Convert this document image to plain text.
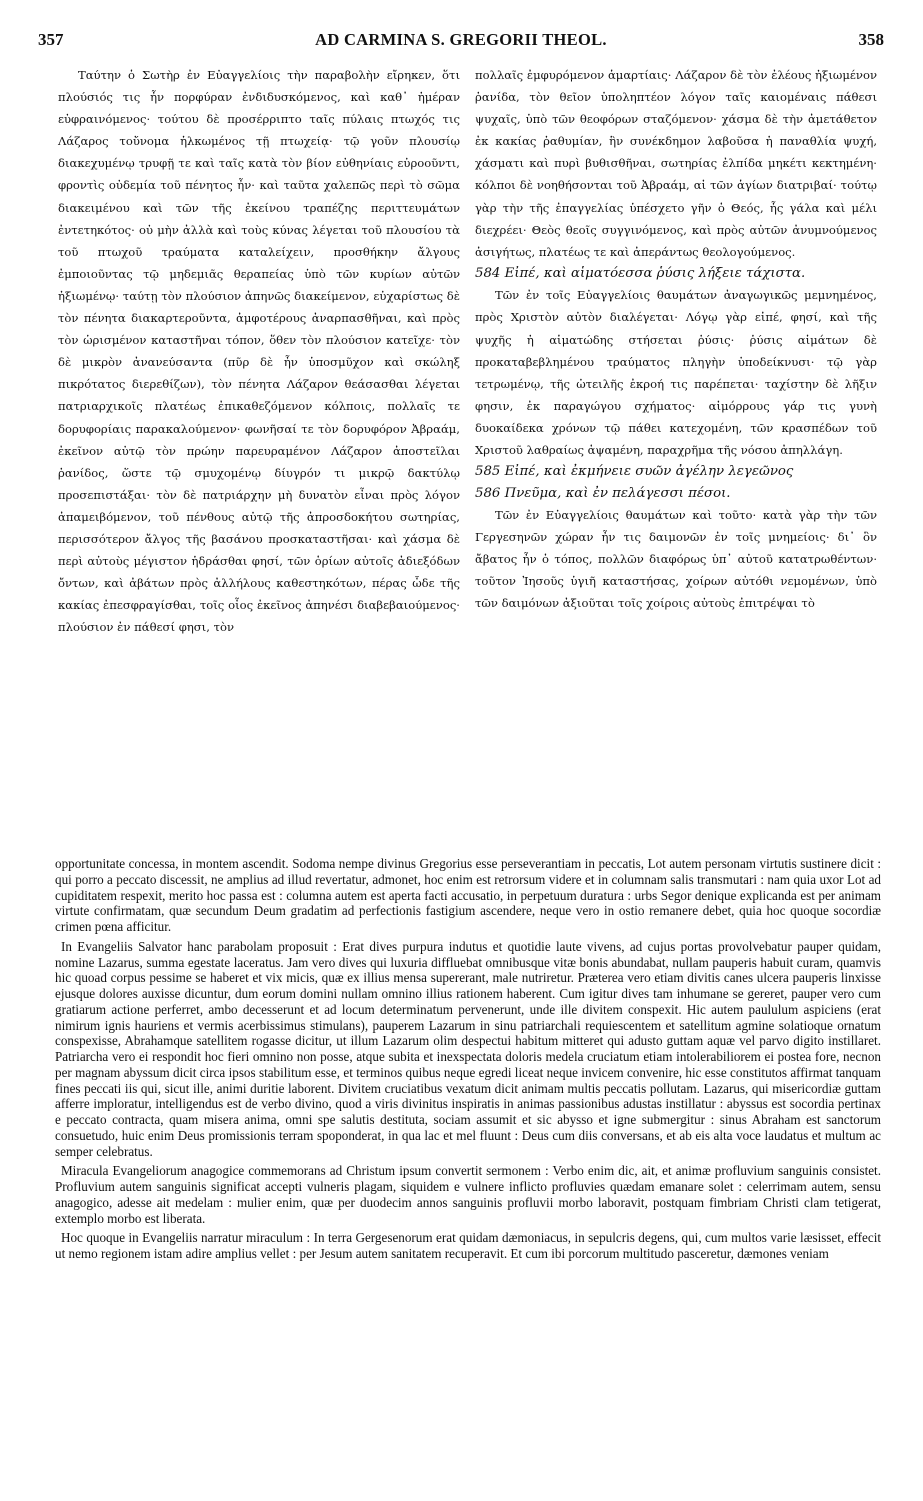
357	AD CARMINA S. GREGORII THEOL.	358

Ταύτην ὁ Σωτὴρ ἐν Εὐαγγελίοις τὴν παραβολὴν εἴρηκεν, ὅτι πλούσιός τις ἦν πορφύραν ἐνδιδυσκόμενος, καὶ καθ᾽ ἡμέραν εὐφραινόμενος· τούτου δὲ προσέρριπτο ταῖς πύλαις πτωχός τις Λάζαρος τοὔνομα ἡλκωμένος τῇ πτωχείᾳ· τῷ γοῦν πλουσίῳ διακεχυμένῳ τρυφῇ τε καὶ ταῖς κατὰ τὸν βίον εὐθηνίαις εὐροοῦντι, φροντὶς οὐδεμία τοῦ πένητος ἦν· καὶ ταῦτα χαλεπῶς περὶ τὸ σῶμα διακειμένου καὶ τῶν τῆς ἐκείνου τραπέζης περιττευμάτων ἐντετηκότος· οὐ μὴν ἀλλὰ καὶ τοὺς κύνας λέγεται τοῦ πλουσίου τὰ τοῦ πτωχοῦ τραύματα καταλείχειν, προσθήκην ἄλγους ἐμποιοῦντας τῷ μηδεμιᾶς θεραπείας ὑπὸ τῶν κυρίων αὐτῶν ἠξιωμένῳ· ταύτῃ τὸν πλούσιον ἀπηνῶς διακείμενον, εὐχαρίστως δὲ τὸν πένητα διακαρτεροῦντα, ἀμφοτέρους ἀναρπασθῆναι, καὶ πρὸς τὸν ὡρισμένον καταστῆναι τόπον, ὅθεν τὸν πλούσιον κατεῖχε· τὸν δὲ μικρὸν ἀνανεύσαντα (πῦρ δὲ ἦν ὑποσμῦχον καὶ σκώληξ πικρότατος διερεθίζων), τὸν πένητα Λάζαρον θεάσασθαι λέγεται πατριαρχικοῖς πλατέως ἐπικαθεζόμενον κόλποις, πολλαῖς τε δορυφορίαις παρακαλούμενον· φωνῆσαί τε τὸν δορυφόρον Ἀβραάμ, ἐκεῖνον αὐτῷ τὸν πρώην παρευραμένον Λάζαρον ἀποστεῖλαι ῥανίδος, ὥστε τῷ σμυχομένῳ δίυγρόν τι μικρῷ δακτύλῳ προσεπιστάξαι· τὸν δὲ πατριάρχην μὴ δυνατὸν εἶναι πρὸς λόγον ἀπαμειβόμενον, τοῦ πένθους αὐτῷ τῆς ἀπροσδοκήτου σωτηρίας, περισσότερον ἄλγος τῆς βασάνου προσκαταστῆσαι· καὶ χάσμα δὲ περὶ αὐτοὺς μέγιστον ἡδράσθαι φησί, τῶν ὁρίων αὐτοῖς ἀδιεξόδων ὄντων, καὶ ἀβάτων πρὸς ἀλλήλους καθεστηκότων, πέρας ὧδε τῆς κακίας ἐπεσφραγίσθαι, τοῖς οἷος ἐκεῖνος ἀπηνέσι διαβεβαιούμενος· πλούσιον ἐν πάθεσί φησι, τὸν

πολλαῖς ἐμφυρόμενον ἁμαρτίαις· Λάζαρον δὲ τὸν ἐλέους ἠξιωμένον ῥανίδα, τὸν θεῖον ὑποληπτέον λόγον ταῖς καιομέναις πάθεσι ψυχαῖς, ὑπὸ τῶν θεοφόρων σταζόμενον· χάσμα δὲ τὴν ἀμετάθετον ἐκ κακίας ῥαθυμίαν, ἣν συνέκδημον λαβοῦσα ἡ παναθλία ψυχή, χάσματι καὶ πυρὶ βυθισθῆναι, σωτηρίας ἐλπίδα μηκέτι κεκτημένη· κόλποι δὲ νοηθήσονται τοῦ Ἀβραάμ, αἱ τῶν ἁγίων διατριβαί· τούτῳ γὰρ τὴν τῆς ἐπαγγελίας ὑπέσχετο γῆν ὁ Θεός, ἧς γάλα καὶ μέλι διεχρέει· Θεὸς θεοῖς συγγινόμενος, καὶ πρὸς αὐτῶν ἀνυμνούμενος ἀσιγήτως, πλατέως τε καὶ ἀπεράντως θεολογούμενος.

584 Εἰπέ, καὶ αἱματόεσσα ῥύσις λήξειε τάχιστα.

Τῶν ἐν τοῖς Εὐαγγελίοις θαυμάτων ἀναγωγικῶς μεμνημένος, πρὸς Χριστὸν αὐτὸν διαλέγεται· Λόγῳ γὰρ εἰπέ, φησί, καὶ τῆς ψυχῆς ἡ αἱματώδης στήσεται ῥύσις· ῥύσις αἱμάτων δὲ προκαταβεβλημένου τραύματος πληγὴν ὑποδείκνυσι· τῷ γὰρ τετρωμένῳ, τῆς ὠτειλῆς ἐκροή τις παρέπεται· ταχίστην δὲ λῆξιν φησιν, ἐκ παραγώγου σχήματος· αἱμόρρους γάρ τις γυνὴ δυοκαίδεκα χρόνων τῷ πάθει κατεχομένη, τῶν κρασπέδων τοῦ Χριστοῦ λαθραίως ἁψαμένη, παραχρῆμα τῆς νόσου ἀπηλλάγη.

585 Εἰπέ, καὶ ἐκμήνειε συῶν ἀγέλην λεγεῶνος

586 Πνεῦμα, καὶ ἐν πελάγεσσι πέσοι.

Τῶν ἐν Εὐαγγελίοις θαυμάτων καὶ τοῦτο· κατὰ γὰρ τὴν τῶν Γεργεσηνῶν χώραν ἦν τις δαιμονῶν ἐν τοῖς μνημείοις· δι᾽ ὃν ἄβατος ἦν ὁ τόπος, πολλῶν διαφόρως ὑπ᾽ αὐτοῦ κατατρωθέντων· τοῦτον Ἰησοῦς ὑγιῆ καταστήσας, χοίρων αὐτόθι νεμομένων, ὑπὸ τῶν δαιμόνων ἀξιοῦται τοῖς χοίροις αὐτοὺς ἐπιτρέψαι τὸ

opportunitate concessa, in montem ascendit. Sodoma nempe divinus Gregorius esse perseverantiam in peccatis, Lot autem personam virtutis sustinere dicit : qui porro a peccato discessit, ne amplius ad illud revertatur, admonet, hoc enim est retrorsum videre et in columnam salis transmutari : nam quia uxor Lot ad cupiditatem respexit, merito hoc passa est : columna autem est aperta facti accusatio, in perpetuum duratura : urbs Segor denique explicanda est per animam virtute confirmatam, quæ secundum Deum gradatim ad perfectionis fastigium ascendere, neque vero in ostio remanere debet, quia hoc quoque socordiæ crimen pœna afficitur.

In Evangeliis Salvator hanc parabolam proposuit : Erat dives purpura indutus et quotidie laute vivens, ad cujus portas provolvebatur pauper quidam, nomine Lazarus, summa egestate laceratus. Jam vero dives qui luxuria diffluebat omnibusque vitæ bonis abundabat, nullam pauperis habuit curam, quamvis hic quoad corpus pessime se haberet et vix micis, quæ ex illius mensa supererant, male nutriretur. Præterea vero etiam divitis canes ulcera pauperis linxisse ejusque dolores auxisse dicuntur, dum eorum domini nullam omnino illius rationem haberent. Cum igitur dives tam inhumane se gereret, pauper vero cum gratiarum actione perferret, ambo decesserunt et ad locum determinatum pervenerunt, unde ille divitem conspexit. Hic autem paululum aspiciens (erat nimirum ignis hauriens et vermis acerbissimus stimulans), pauperem Lazarum in sinu patriarchali requiescentem et satellitum agmine solatioque ornatum conspexisse, Abrahamque satellitem rogasse dicitur, ut illum Lazarum olim despectui habitum mitteret qui adusto guttam aquæ vel parvo digito instillaret. Patriarcha vero ei respondit hoc fieri omnino non posse, atque subita et inexspectata doloris medela cruciatum etiam intolerabiliorem ei postea fore, necnon per magnam abyssum dicit circa ipsos stabilitum esse, et terminos quibus neque egredi liceat neque invicem convenire, hic esse constitutos affirmat tanquam fines peccati iis qui, sicut ille, animi duritie laborent. Divitem cruciatibus vexatum dicit animam multis peccatis pollutam. Lazarus, qui misericordiæ guttam afferre imploratur, intelligendus est de verbo divino, quod a viris divinitus inspiratis in animas passionibus adustas instillatur : abyssus est socordia pertinax e peccato contracta, quam misera anima, omni spe salutis destituta, sociam assumit et sic abysso et igne submergitur : sinus Abraham est sanctorum consuetudo, huic enim Deus promissionis terram spoponderat, in qua lac et mel fluunt : Deus cum diis conversans, et ab eis alta voce laudatus et multum ac semper celebratus.

Miracula Evangeliorum anagogice commemorans ad Christum ipsum convertit sermonem : Verbo enim dic, ait, et animæ profluvium sanguinis consistet. Profluvium autem sanguinis significat accepti vulneris plagam, siquidem e vulnere inflicto profluvies quædam emanare solet : celerrimam autem, sensu anagogico, adesse ait medelam : mulier enim, quæ per duodecim annos sanguinis profluvii morbo laboravit, postquam fimbriam Christi clam tetigerat, extemplo morbo est liberata.

Hoc quoque in Evangeliis narratur miraculum : In terra Gergesenorum erat quidam dæmoniacus, in sepulcris degens, qui, cum multos varie læsisset, effecit ut nemo regionem istam adire amplius vellet : per Jesum autem sanitatem recuperavit. Et cum ibi porcorum multitudo pasceretur, dæmones veniam
